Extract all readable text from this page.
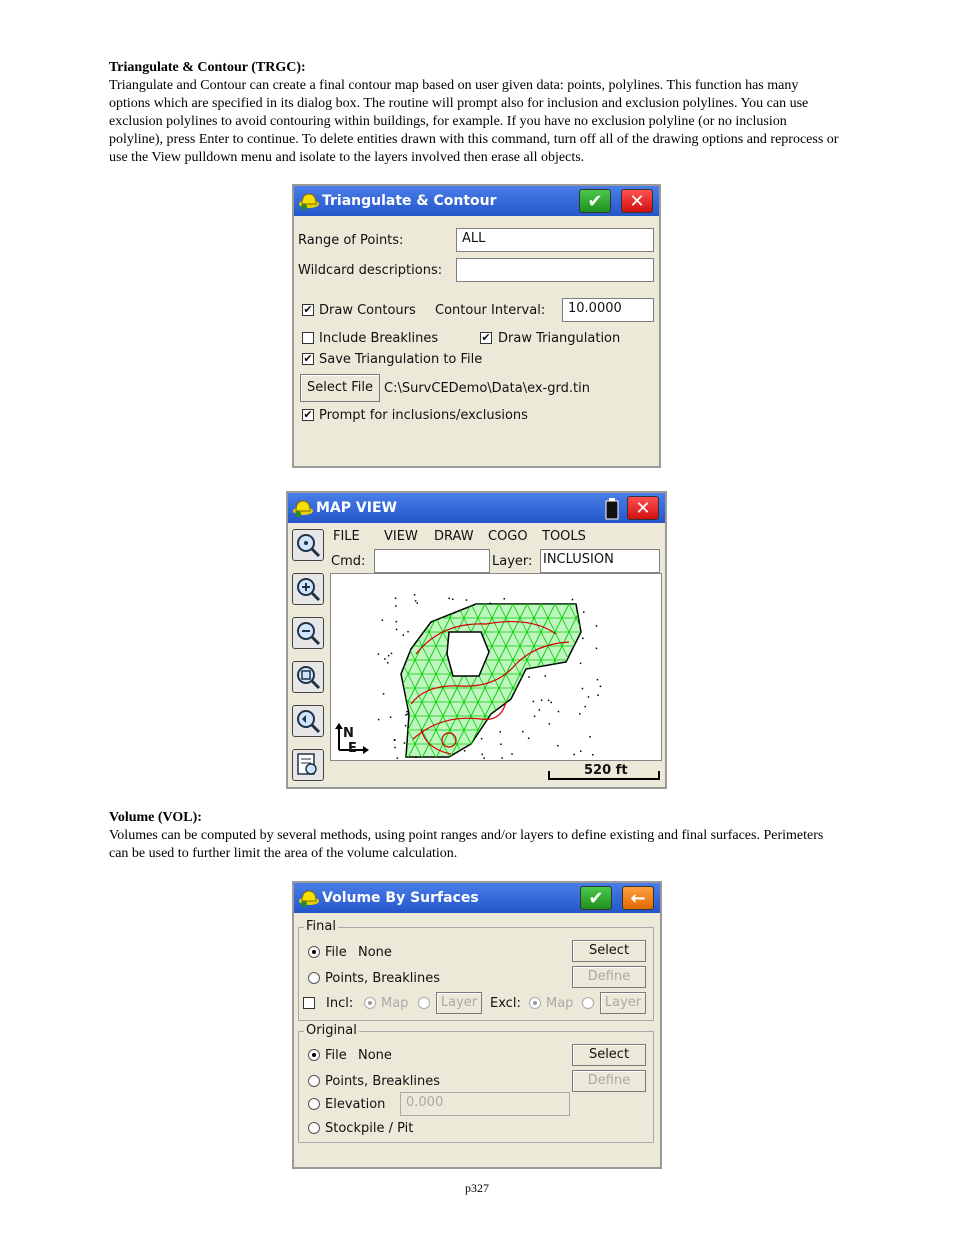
Triangulate & Contour (TRGC):

Triangulate and Contour can create a final contour map based on user given data: points, polylines. This function has many options which are specified in its dialog box. The routine will prompt also for inclusion and exclusion polylines. You can use exclusion polylines to avoid contouring within buildings, for example. If you have no exclusion polyline (or no inclusion polyline), press Enter to continue. To delete entities drawn with this command, turn off all of the drawing options and reprocess or use the View pulldown menu and isolate to the layers involved then erase all objects.

Triangulate & Contour	✔ ✕
Range of Points:	ALL
Wildcard descriptions:
✔ Draw Contours Contour Interval:	10.0000
Include Breaklines	✔ Draw Triangulation
✔ Save Triangulation to File
Select File C:\SurvCEDemo\Data\ex-grd.tin
✔ Prompt for inclusions/exclusions
MAP VIEW	✕
FILE VIEW DRAW COGO TOOLS
Cmd:	Layer: INCLUSION
N
E
520 ft
Volume (VOL):

Volumes can be computed by several methods, using point ranges and/or layers to define existing and final surfaces. Perimeters can be used to further limit the area of the volume calculation.

Volume By Surfaces	✔ ←
Final
File None	Select
Points, Breaklines	Define
Incl: Map	Layer Excl: Map	Layer
Original
File None	Select
Points, Breaklines	Define
Elevation	0.000
Stockpile / Pit
p327
